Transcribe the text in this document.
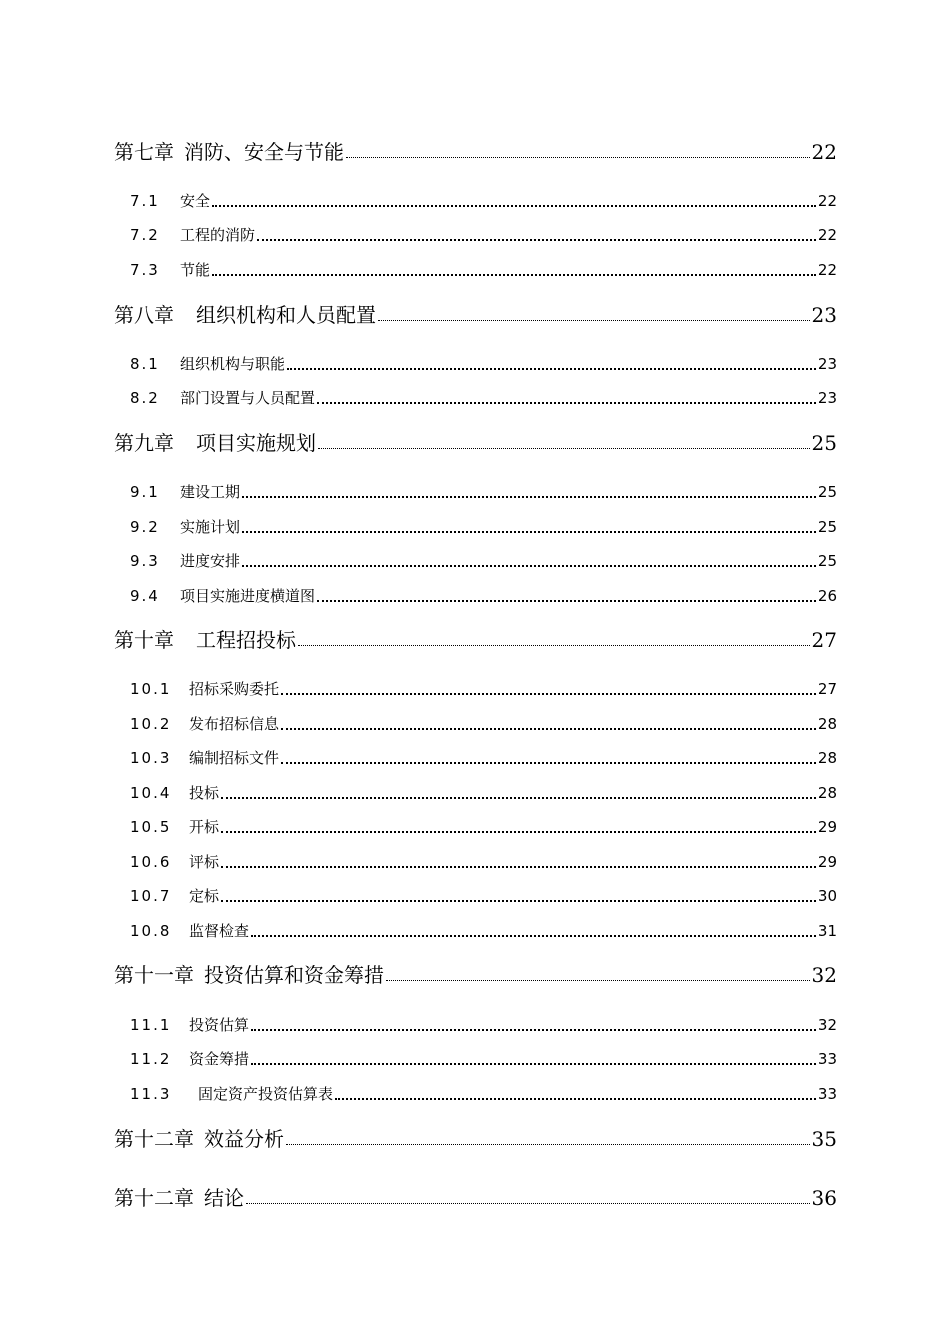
第七章 消防、安全与节能	22
7.1	安全	22
7.2	工程的消防	22
7.3	节能	22
第八章	组织机构和人员配置	23
8.1	组织机构与职能	23
8.2	部门设置与人员配置	23
第九章	项目实施规划	25
9.1	建设工期	25
9.2	实施计划	25
9.3	进度安排	25
9.4	项目实施进度横道图	26
第十章	工程招投标	27
10.1	招标采购委托	27
10.2	发布招标信息	28
10.3	编制招标文件	28
10.4	投标	28
10.5	开标	29
10.6	评标	29
10.7	定标	30
10.8	监督检查	31
第十一章 投资估算和资金筹措	32
11.1	投资估算	32
11.2	资金筹措	33
11.3	固定资产投资估算表	33
第十二章 效益分析	35
第十二章 结论	36
